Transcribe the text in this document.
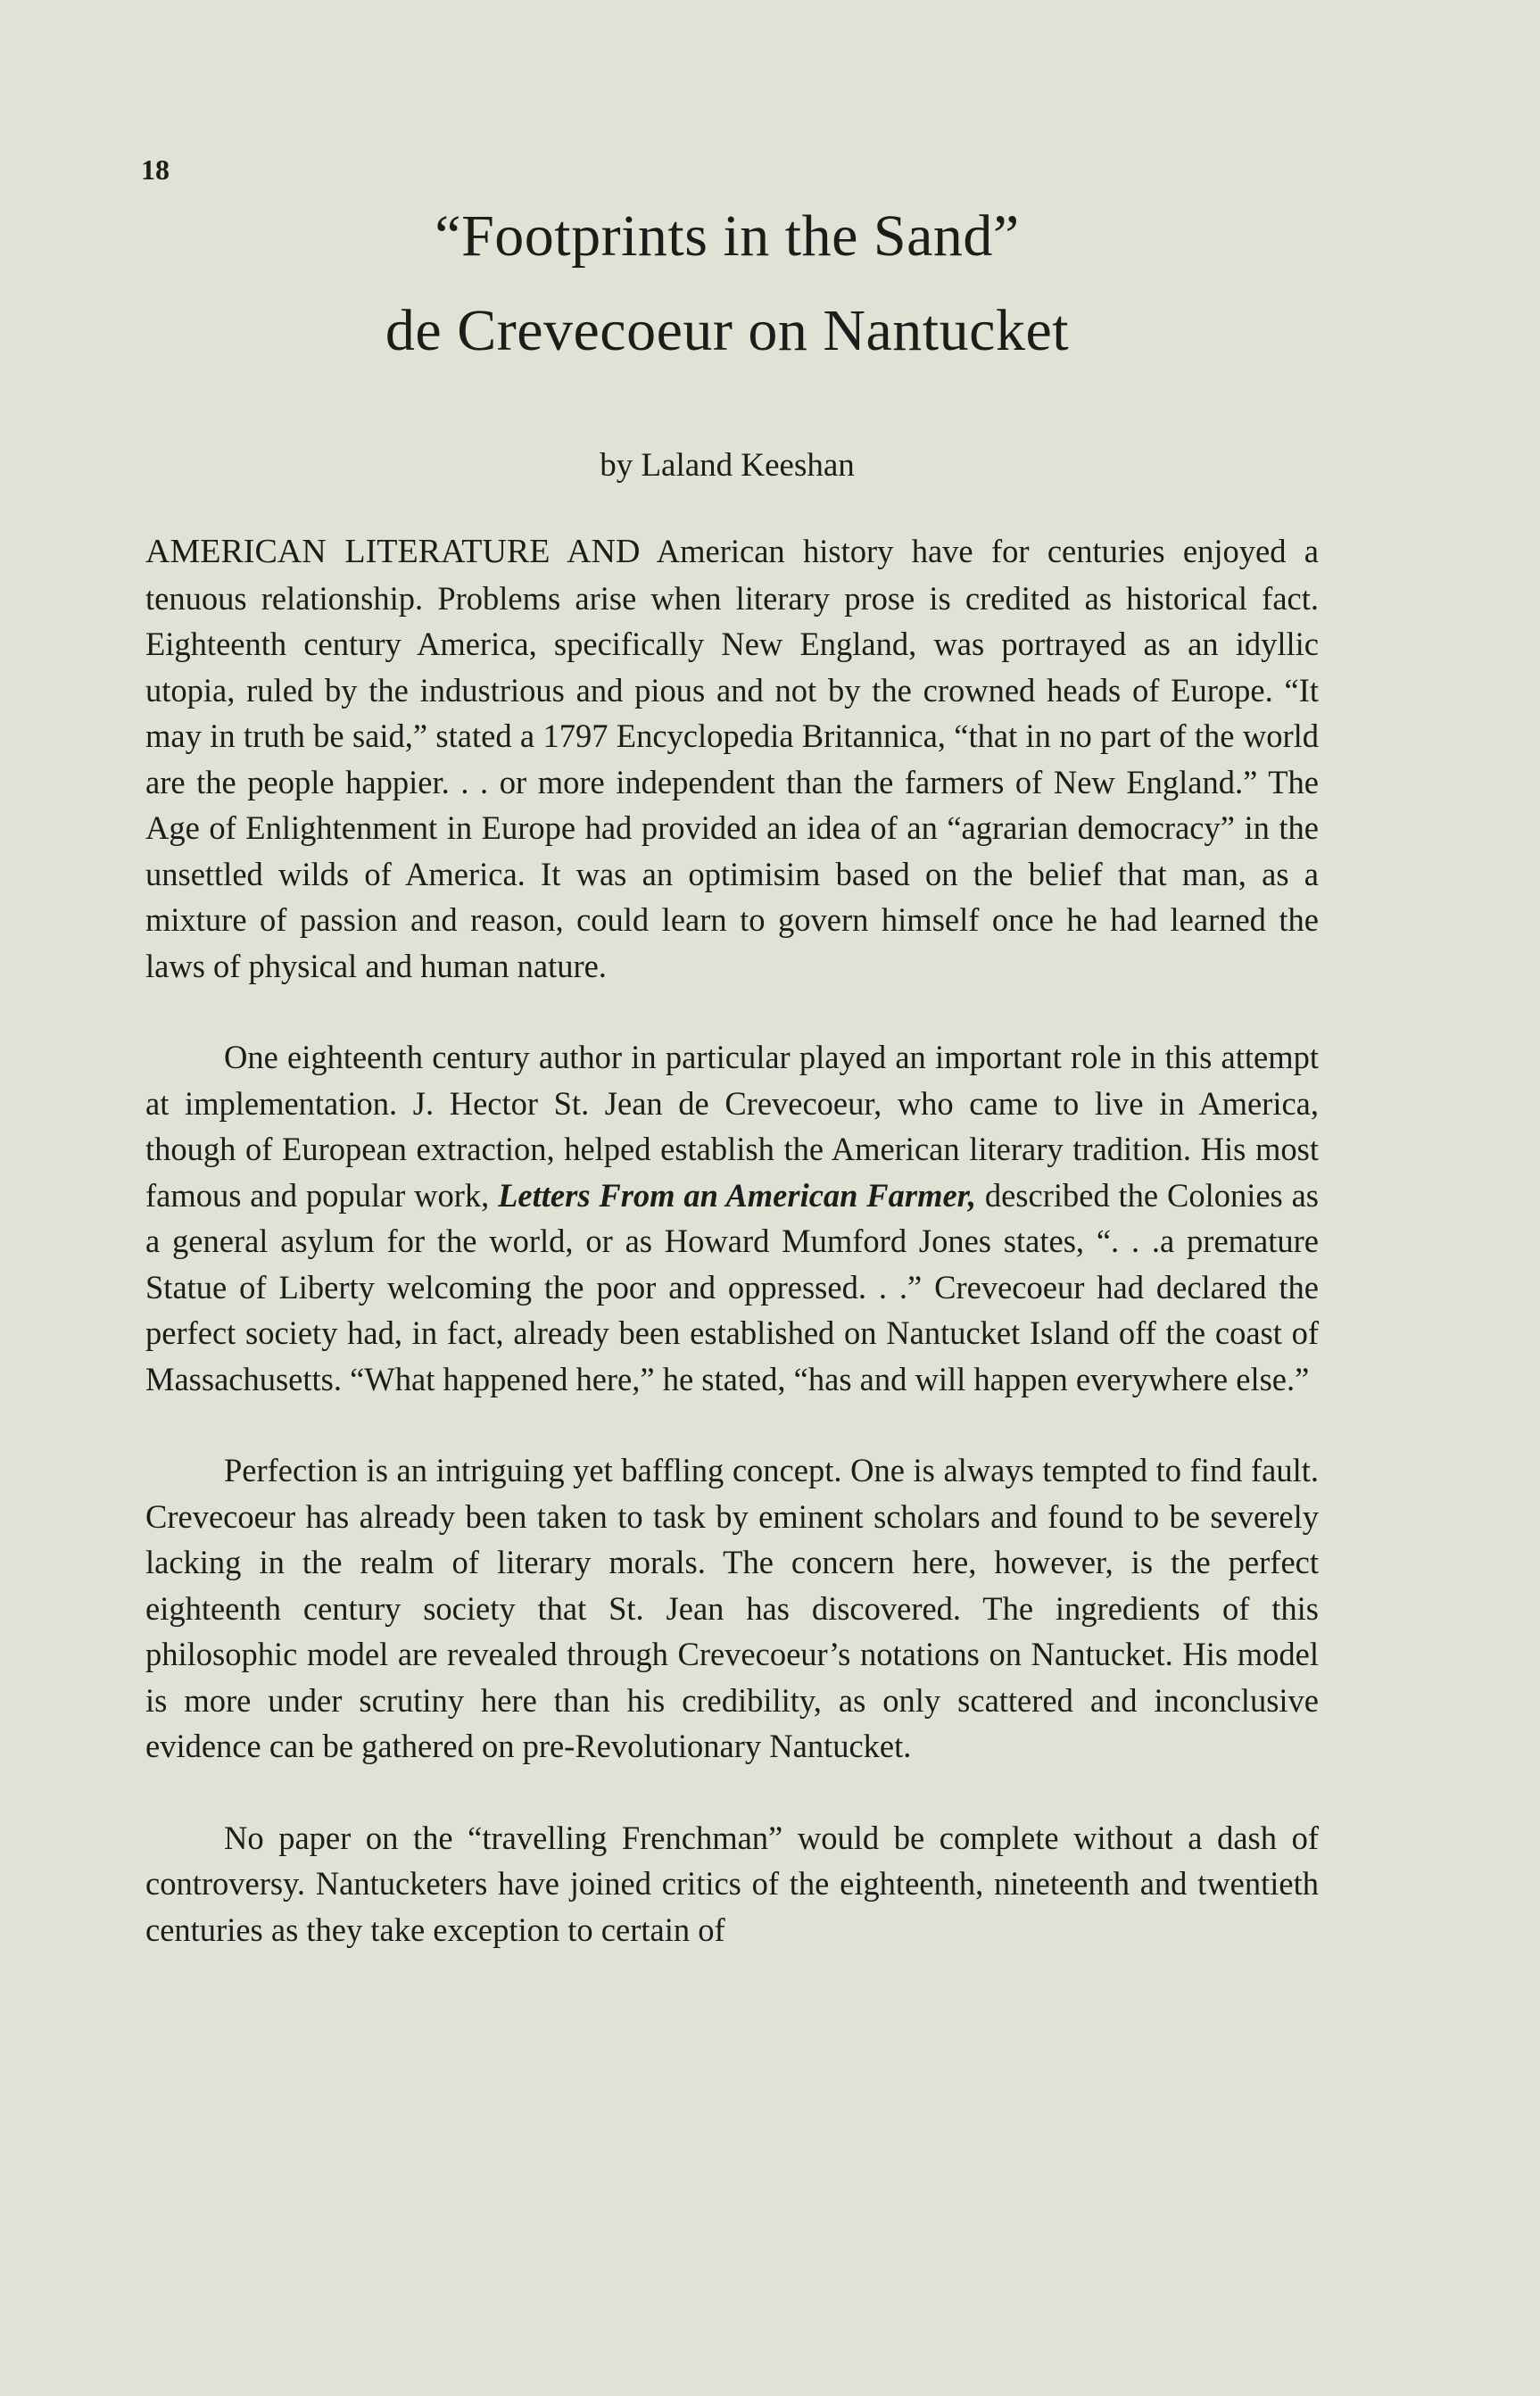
18
“Footprints in the Sand”
de Crevecoeur on Nantucket
by Laland Keeshan

AMERICAN LITERATURE AND American history have for centuries enjoyed a tenuous relationship. Problems arise when literary prose is credited as historical fact. Eighteenth century America, specifically New England, was portrayed as an idyllic utopia, ruled by the industrious and pious and not by the crowned heads of Europe. “It may in truth be said,” stated a 1797 Encyclopedia Britannica, “that in no part of the world are the people happier. . . or more independent than the farmers of New England.” The Age of Enlightenment in Europe had provided an idea of an “agrarian democracy” in the unsettled wilds of America. It was an optimisim based on the belief that man, as a mixture of passion and reason, could learn to govern himself once he had learned the laws of physical and human nature.

One eighteenth century author in particular played an important role in this attempt at implementation. J. Hector St. Jean de Crevecoeur, who came to live in America, though of European extraction, helped establish the American literary tradition. His most famous and popular work, Letters From an American Farmer, described the Colonies as a general asylum for the world, or as Howard Mumford Jones states, “. . .a premature Statue of Liberty welcoming the poor and oppressed. . .” Crevecoeur had declared the perfect society had, in fact, already been established on Nantucket Island off the coast of Massachusetts. “What happened here,” he stated, “has and will happen everywhere else.”

Perfection is an intriguing yet baffling concept. One is always tempted to find fault. Crevecoeur has already been taken to task by eminent scholars and found to be severely lacking in the realm of literary morals. The concern here, however, is the perfect eighteenth century society that St. Jean has discovered. The ingredients of this philosophic model are revealed through Crevecoeur’s notations on Nantucket. His model is more under scrutiny here than his credibility, as only scattered and inconclusive evidence can be gathered on pre-Revolutionary Nantucket.

No paper on the “travelling Frenchman” would be complete without a dash of controversy. Nantucketers have joined critics of the eighteenth, nineteenth and twentieth centuries as they take exception to certain of
